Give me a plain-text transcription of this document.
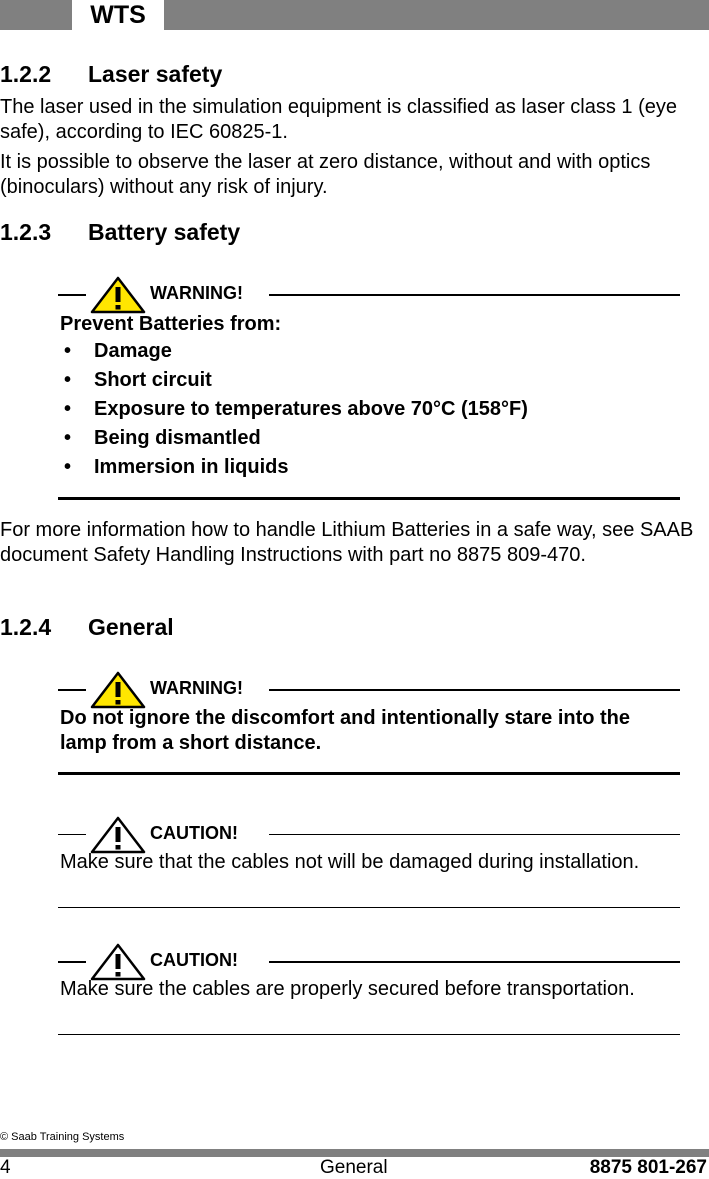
WTS
1.2.2 Laser safety
The laser used in the simulation equipment is classified as laser class 1 (eye safe), according to IEC 60825-1.
It is possible to observe the laser at zero distance, without and with optics (binoculars) without any risk of injury.
1.2.3 Battery safety
WARNING!
Prevent Batteries from:
• Damage
• Short circuit
• Exposure to temperatures above 70°C (158°F)
• Being dismantled
• Immersion in liquids
For more information how to handle Lithium Batteries in a safe way, see SAAB document Safety Handling Instructions with part no 8875 809-470.
1.2.4 General
WARNING!
Do not ignore the discomfort and intentionally stare into the lamp from a short distance.
CAUTION!
Make sure that the cables not will be damaged during installation.
CAUTION!
Make sure the cables are properly secured before transportation.
© Saab Training Systems
4	General	8875 801-267
